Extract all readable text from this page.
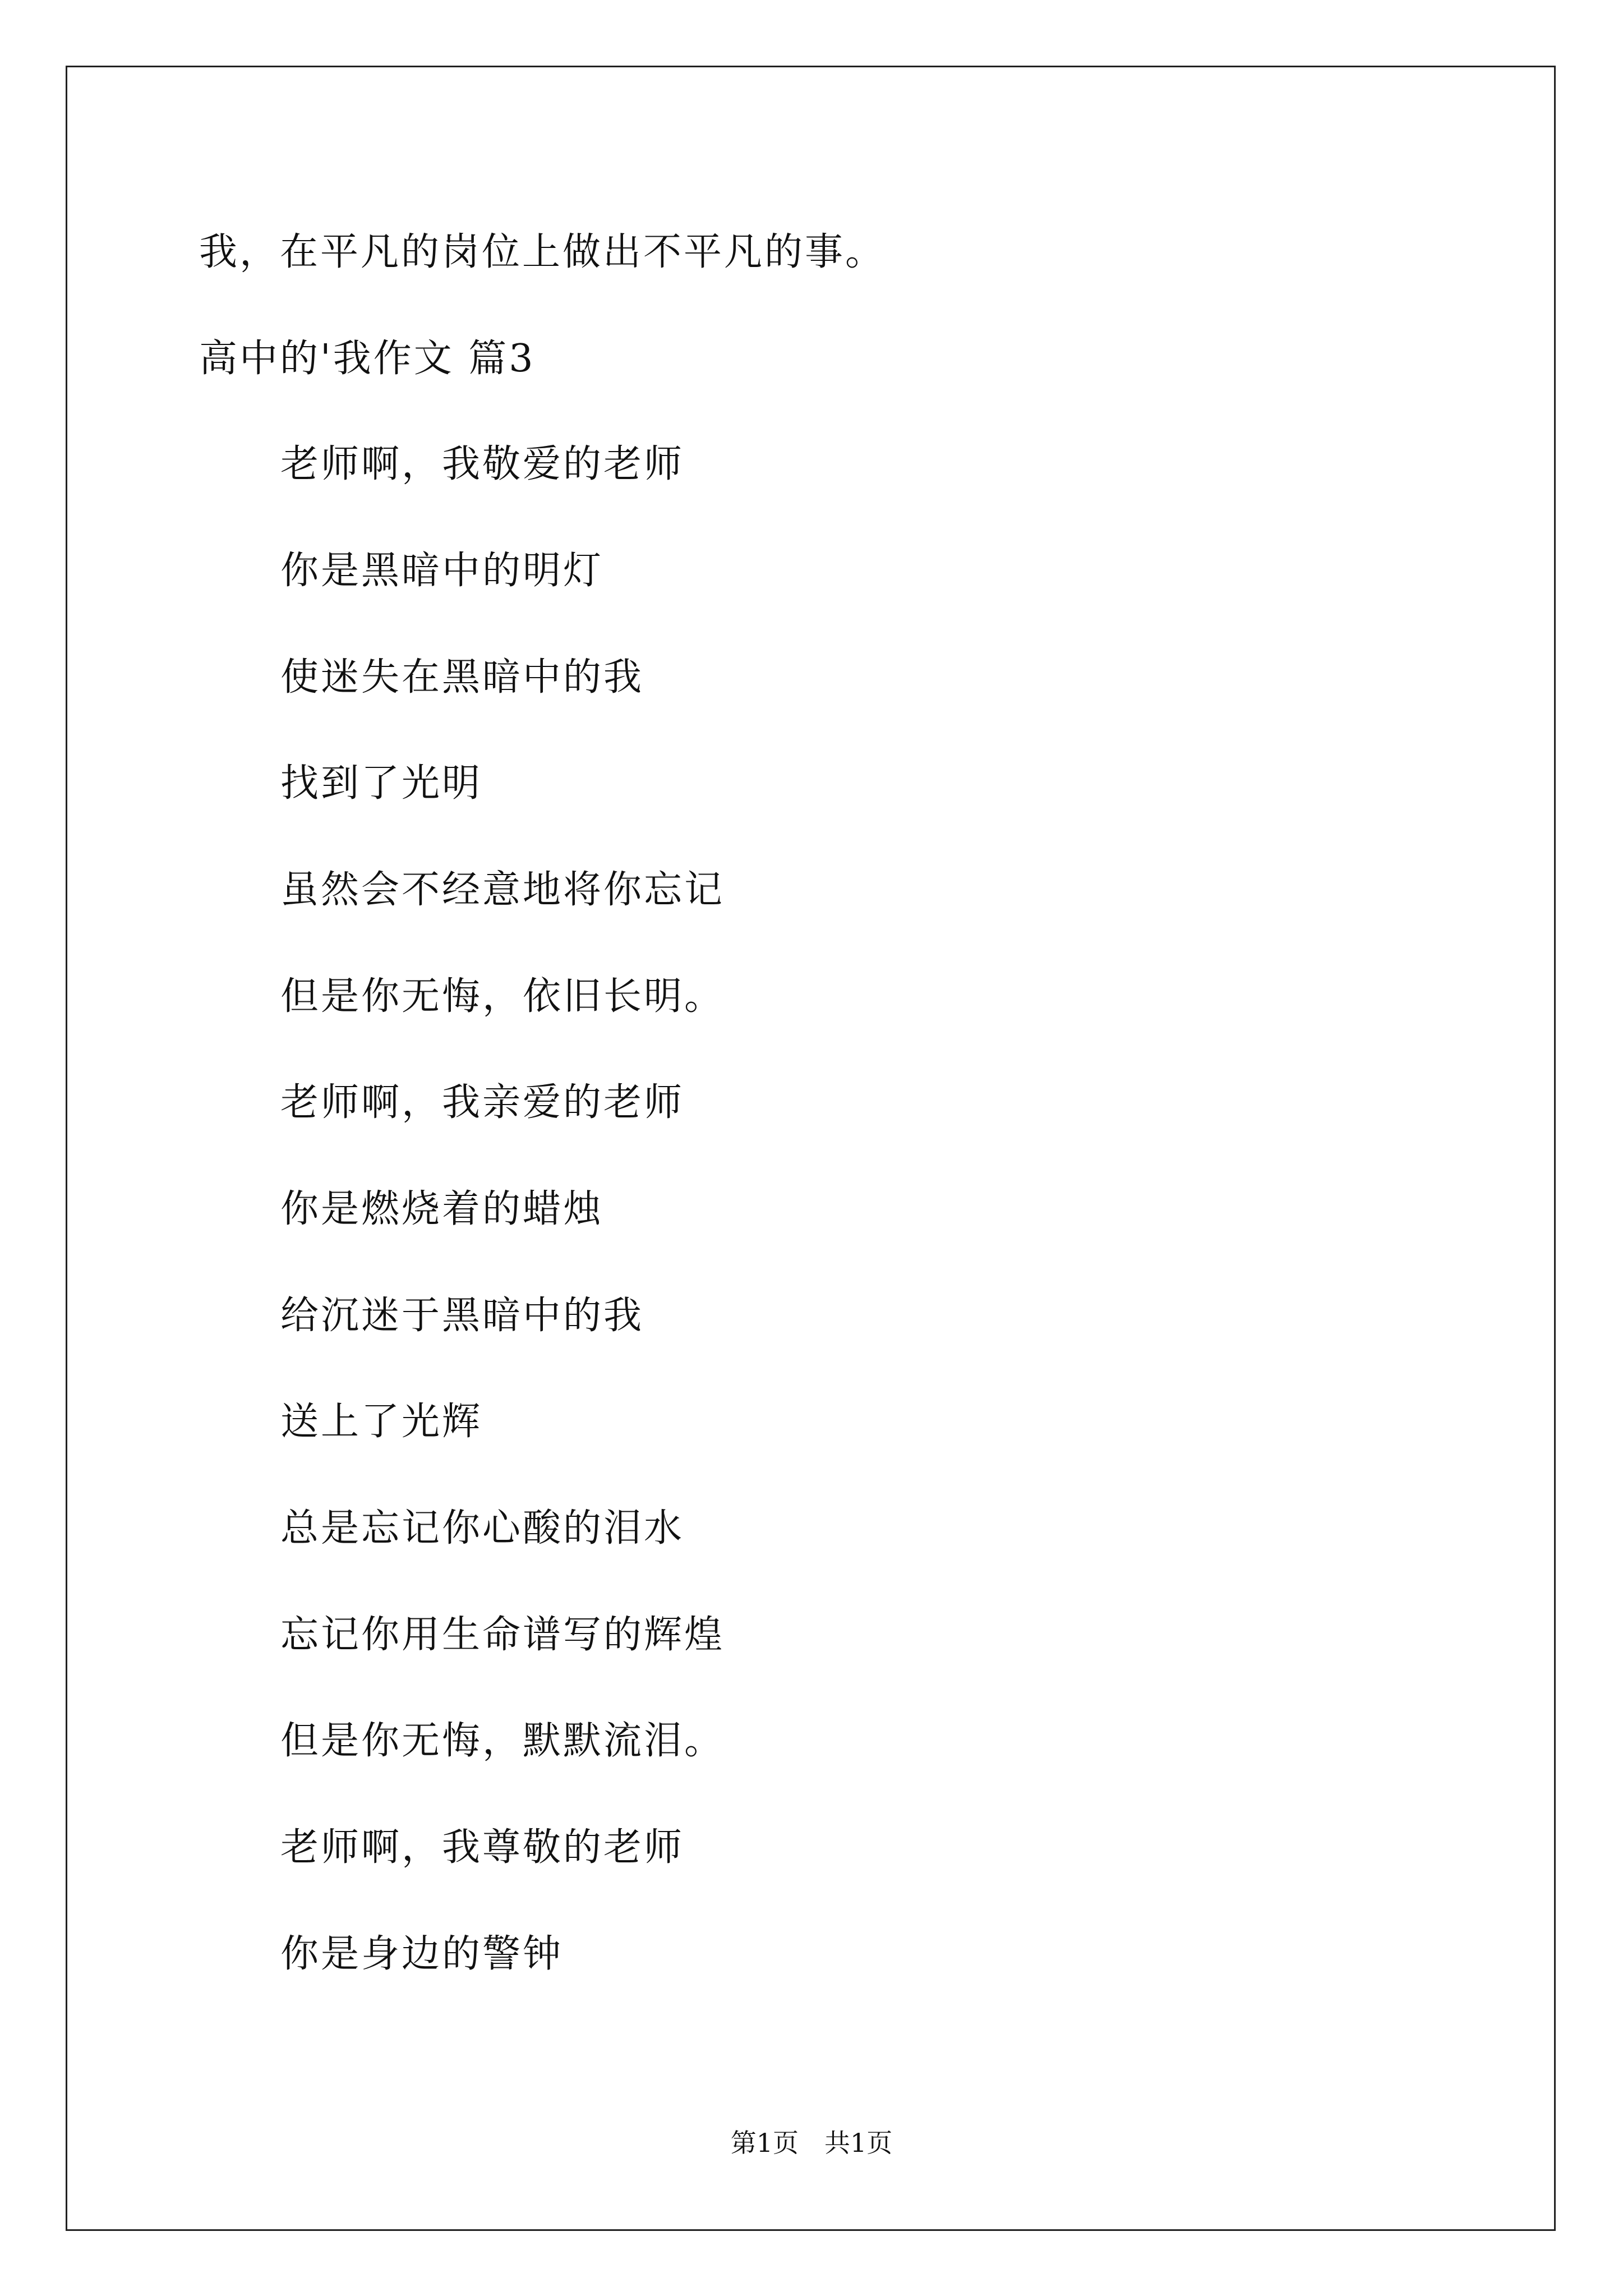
我，在平凡的岗位上做出不平凡的事。
高中的'我作文 篇3
老师啊，我敬爱的老师
你是黑暗中的明灯
使迷失在黑暗中的我
找到了光明
虽然会不经意地将你忘记
但是你无悔，依旧长明。
老师啊，我亲爱的老师
你是燃烧着的蜡烛
给沉迷于黑暗中的我
送上了光辉
总是忘记你心酸的泪水
忘记你用生命谱写的辉煌
但是你无悔，默默流泪。
老师啊，我尊敬的老师
你是身边的警钟
第1页　共1页
